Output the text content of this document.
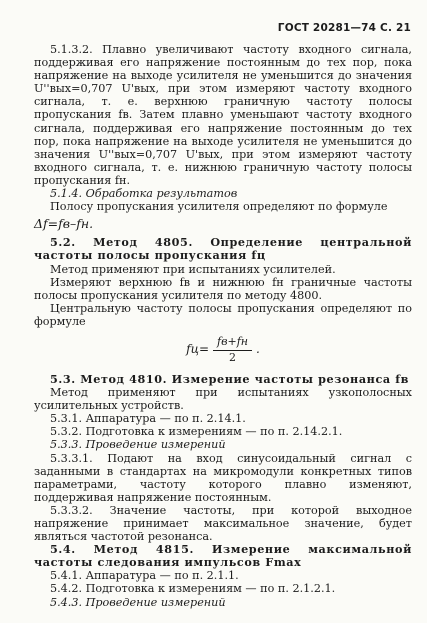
ГОСТ 20281—74 С. 21

5.1.3.2. Плавно увеличивают частоту входного сигнала, поддерживая его напряжение постоянным до тех пор, пока напряжение на выходе усилителя не уменьшится до значения U''вых=0,707 U'вых, при этом измеряют частоту входного сигнала, т. е. верхнюю граничную частоту полосы пропускания fв. Затем плавно уменьшают частоту входного сигнала, поддерживая его напряжение постоянным до тех пор, пока напряжение на выходе усилителя не уменьшится до значения U''вых=0,707 U'вых, при этом измеряют частоту входного сигнала, т. е. нижнюю граничную частоту полосы пропускания fн.

5.1.4. Обработка результатов

Полосу пропускания усилителя определяют по формуле

Δf=fв–fн.

5.2. Метод 4805. Определение центральной частоты полосы пропускания fц

Метод применяют при испытаниях усилителей.

Измеряют верхнюю fв и нижнюю fн граничные частоты полосы пропускания усилителя по методу 4800.

Центральную частоту полосы пропускания определяют по формуле

$fц= \frac{fв+fн}{2}$ .

5.3. Метод 4810. Измерение частоты резонанса fв

Метод применяют при испытаниях узкополосных усилительных устройств.

5.3.1. Аппаратура — по п. 2.14.1.

5.3.2. Подготовка к измерениям — по п. 2.14.2.1.

5.3.3. Проведение измерений

5.3.3.1. Подают на вход синусоидальный сигнал с заданными в стандартах на микромодули конкретных типов параметрами, частоту которого плавно изменяют, поддерживая напряжение постоянным.

5.3.3.2. Значение частоты, при которой выходное напряжение принимает максимальное значение, будет являться частотой резонанса.

5.4. Метод 4815. Измерение максимальной частоты следования импульсов Fmax

5.4.1. Аппаратура — по п. 2.1.1.

5.4.2. Подготовка к измерениям — по п. 2.1.2.1.

5.4.3. Проведение измерений
